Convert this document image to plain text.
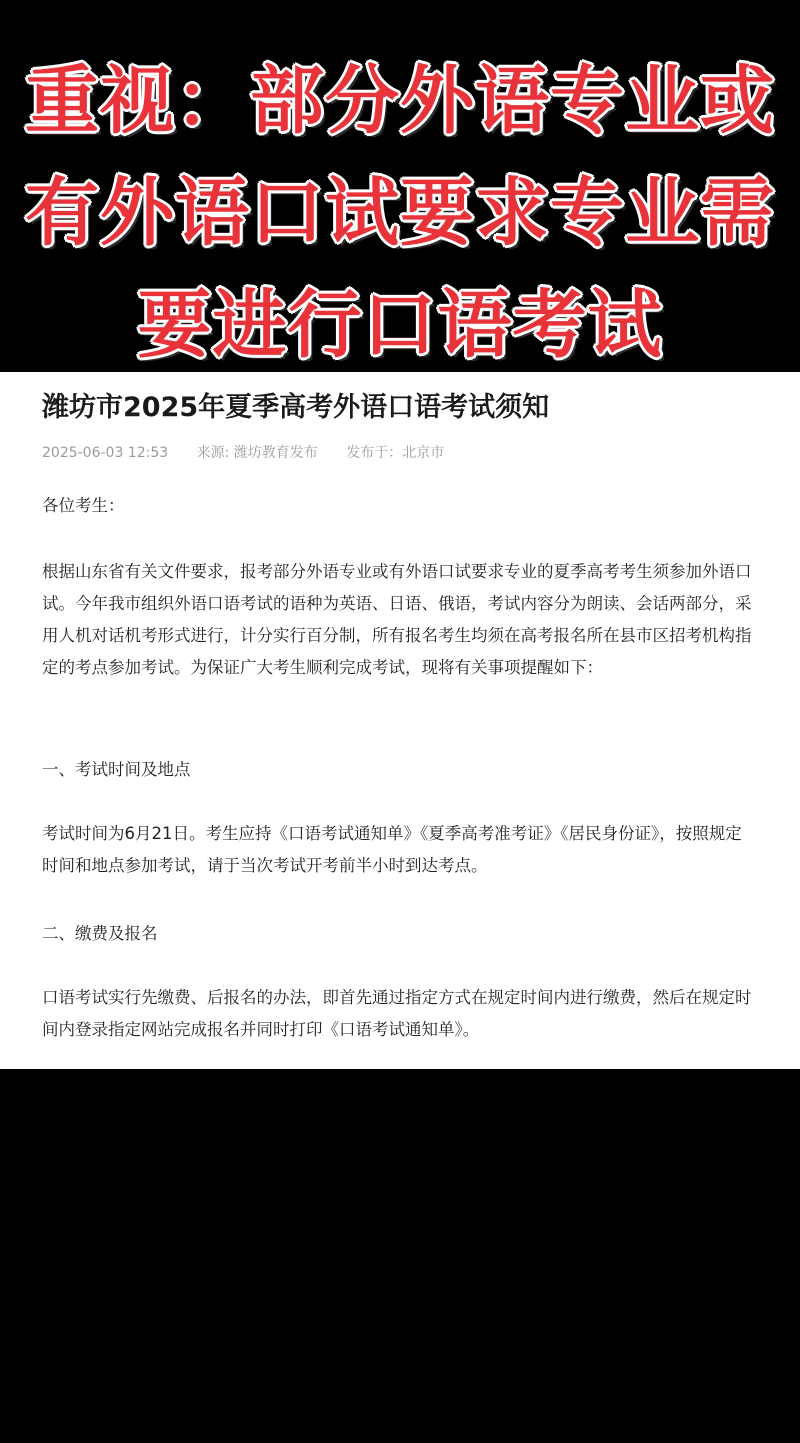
重视：部分外语专业或
有外语口试要求专业需
要进行口语考试
潍坊市2025年夏季高考外语口语考试须知
2025-06-03 12:53 来源: 潍坊教育发布 发布于：北京市
各位考生：
根据山东省有关文件要求，报考部分外语专业或有外语口试要求专业的夏季高考考生须参加外语口试。今年我市组织外语口语考试的语种为英语、日语、俄语，考试内容分为朗读、会话两部分，采用人机对话机考形式进行，计分实行百分制，所有报名考生均须在高考报名所在县市区招考机构指定的考点参加考试。为保证广大考生顺利完成考试，现将有关事项提醒如下：
一、考试时间及地点
考试时间为6月21日。考生应持《口语考试通知单》《夏季高考准考证》《居民身份证》，按照规定时间和地点参加考试，请于当次考试开考前半小时到达考点。
二、缴费及报名
口语考试实行先缴费、后报名的办法，即首先通过指定方式在规定时间内进行缴费，然后在规定时间内登录指定网站完成报名并同时打印《口语考试通知单》。
